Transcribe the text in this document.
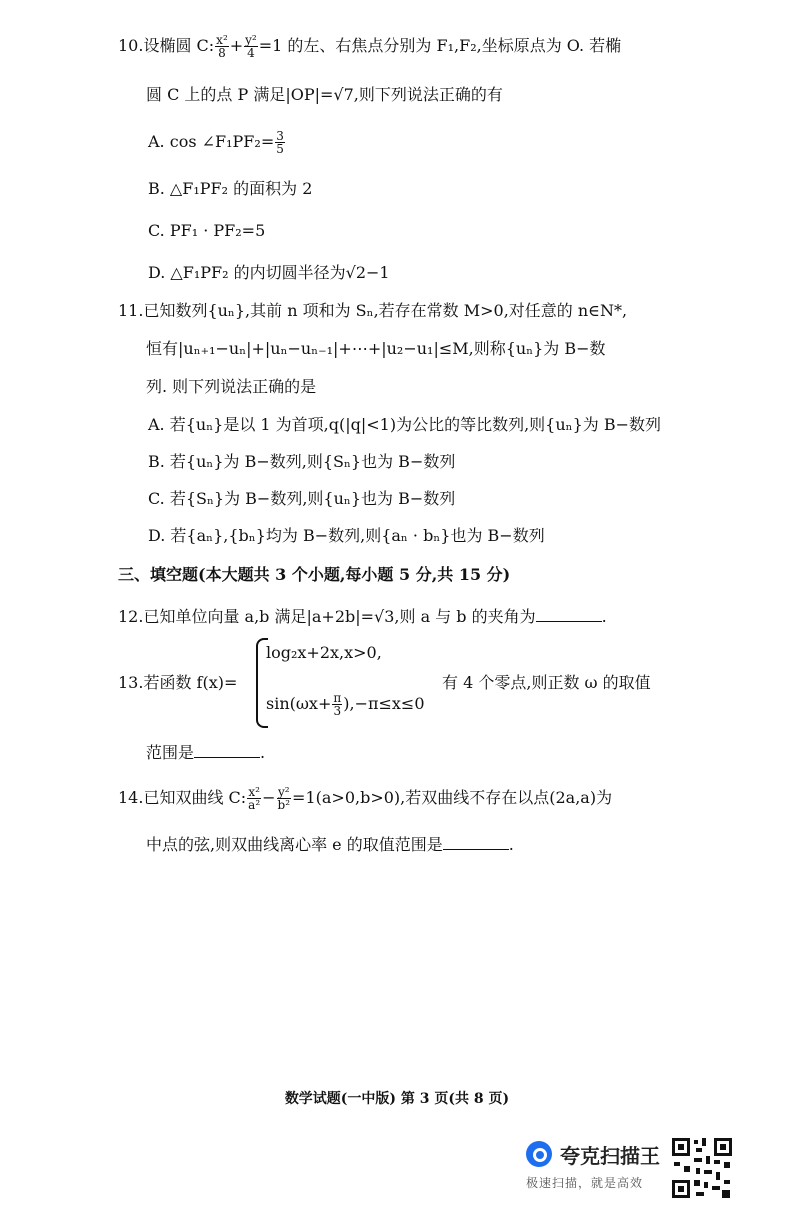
10.设椭圆 C: $\frac{\text{x²}}{8} + \frac{\text{y²}}{4} =1$ 的左、右焦点分别为 F₁,F₂,坐标原点为 O. 若椭
圆 C 上的点 P 满足|OP|=√7,则下列说法正确的有
A. cos ∠F₁PF₂= $\frac{3}{5}$
B. △F₁PF₂ 的面积为 2
C. PF₁ · PF₂=5
D. △F₁PF₂ 的内切圆半径为√2−1
11.已知数列{uₙ},其前 n 项和为 Sₙ,若存在常数 M>0,对任意的 n∈N*,
恒有|uₙ₊₁−uₙ|+|uₙ−uₙ₋₁|+⋯+|u₂−u₁|≤M,则称{uₙ}为 B−数
列. 则下列说法正确的是
A. 若{uₙ}是以 1 为首项,q(|q|<1)为公比的等比数列,则{uₙ}为 B−数列
B. 若{uₙ}为 B−数列,则{Sₙ}也为 B−数列
C. 若{Sₙ}为 B−数列,则{uₙ}也为 B−数列
D. 若{aₙ},{bₙ}均为 B−数列,则{aₙ · bₙ}也为 B−数列
三、填空题(本大题共 3 个小题,每小题 5 分,共 15 分)
12.已知单位向量 a,b 满足|a+2b|=√3,则 a 与 b 的夹角为	.
13.若函数 f(x)=
log₂x+2x,x>0,
$\sin(\omega x+ \frac{\pi}{3} ),-\pi\le x\le 0$
有 4 个零点,则正数 ω 的取值
范围是	.
14.已知双曲线 C: $\frac{\text{x²}}{\text{a²}} - \frac{\text{y²}}{\text{b²}} =1(a>0,b>0)$,若双曲线不存在以点(2a,a)为
中点的弦,则双曲线离心率 e 的取值范围是	.
数学试题(一中版) 第 3 页(共 8 页)
夸克扫描王
极速扫描，就是高效
